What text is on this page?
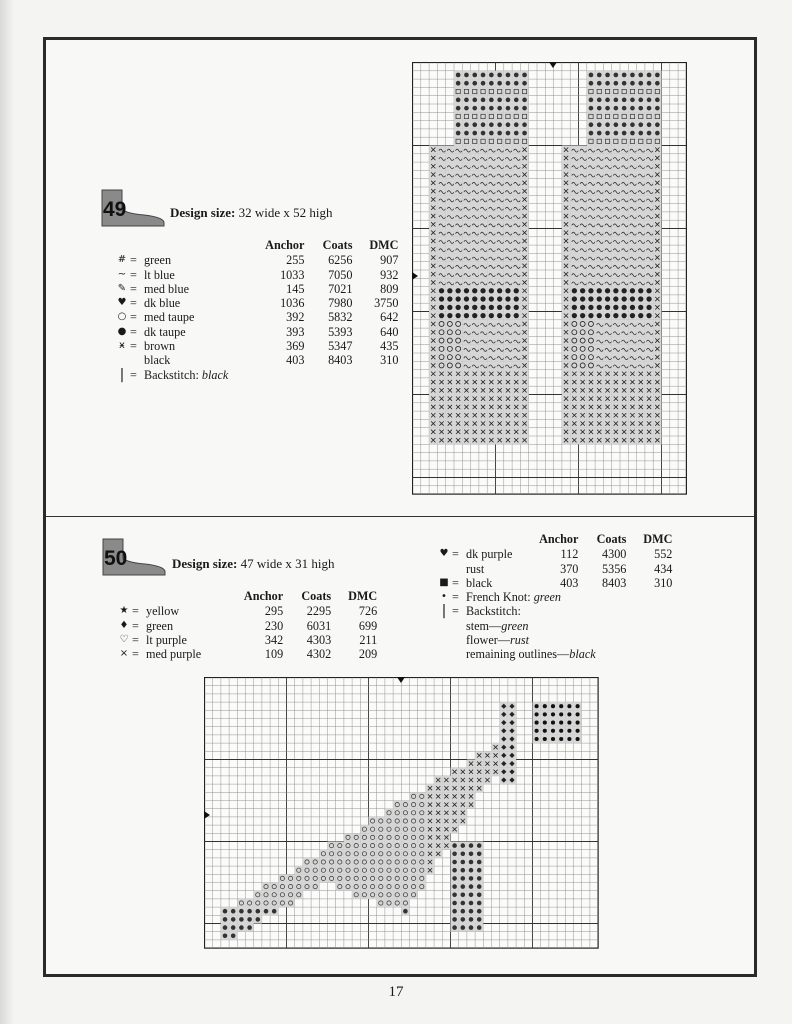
49	Design size: 32 wide x 52 high
			Anchor	Coats	DMC
#	=	green	255	6256	907
~	=	lt blue	1033	7050	932
✎	=	med blue	145	7021	809
♥	=	dk blue	1036	7980	3750
○	=	med taupe	392	5832	642
●	=	dk taupe	393	5393	640
ӿ	=	brown	369	5347	435
		black	403	8403	310
|	=	Backstitch: black			
50	Design size: 47 wide x 31 high
			Anchor	Coats	DMC
★	=	yellow	295	2295	726
♦	=	green	230	6031	699
♡	=	lt purple	342	4303	211
×	=	med purple	109	4302	209
			Anchor	Coats	DMC
♥	=	dk purple	112	4300	552
		rust	370	5356	434
■	=	black	403	8403	310
•	=	French Knot: green			
|	=	Backstitch:			
		stem—green			
		flower—rust			
		remaining outlines—black			
17
